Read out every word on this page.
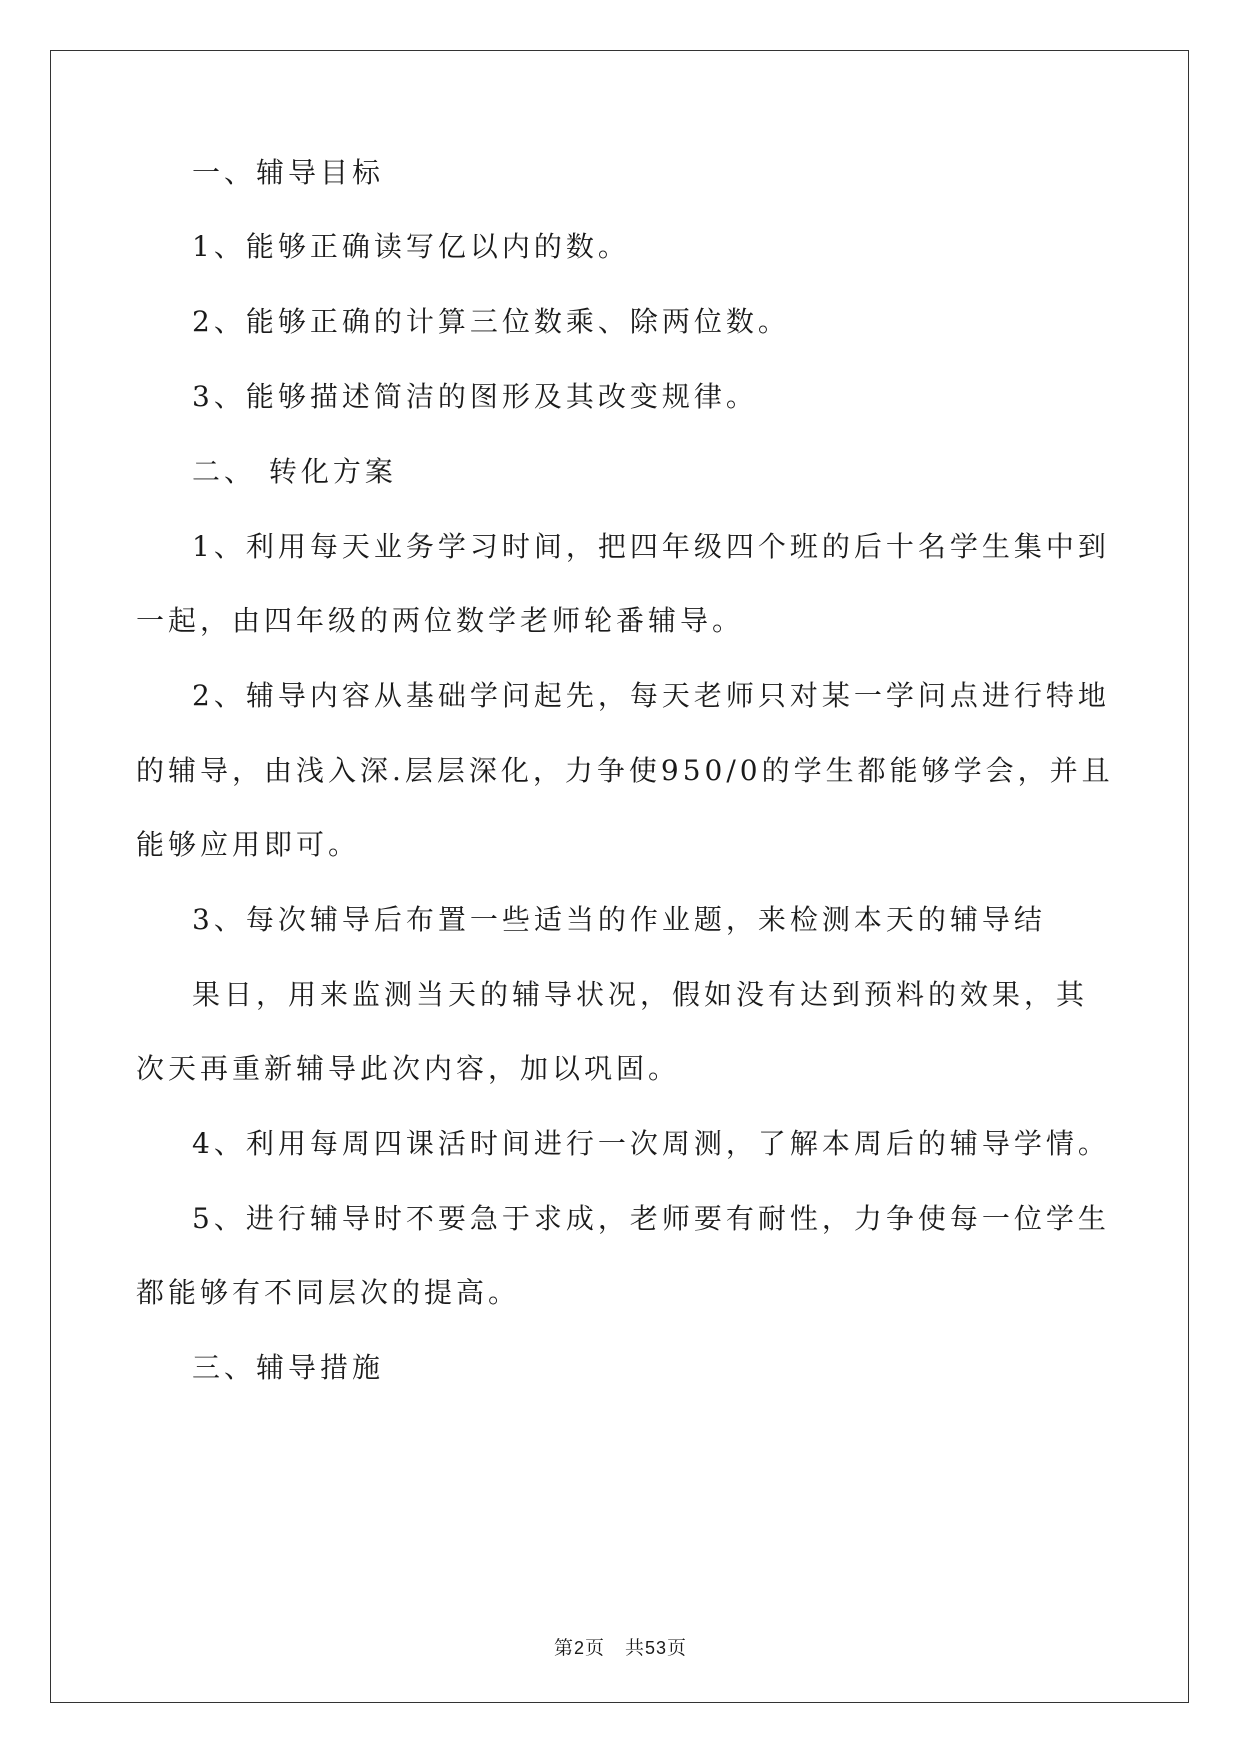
一、辅导目标
1、能够正确读写亿以内的数。
2、能够正确的计算三位数乘、除两位数。
3、能够描述简洁的图形及其改变规律。
二、 转化方案
1、利用每天业务学习时间，把四年级四个班的后十名学生集中到
一起，由四年级的两位数学老师轮番辅导。
2、辅导内容从基础学问起先，每天老师只对某一学问点进行特地
的辅导，由浅入深.层层深化，力争使950/0的学生都能够学会，并且
能够应用即可。
3、每次辅导后布置一些适当的作业题，来检测本天的辅导结
果日，用来监测当天的辅导状况，假如没有达到预料的效果，其
次天再重新辅导此次内容，加以巩固。
4、利用每周四课活时间进行一次周测，了解本周后的辅导学情。
5、进行辅导时不要急于求成，老师要有耐性，力争使每一位学生
都能够有不同层次的提高。
三、辅导措施
第2页　共53页
